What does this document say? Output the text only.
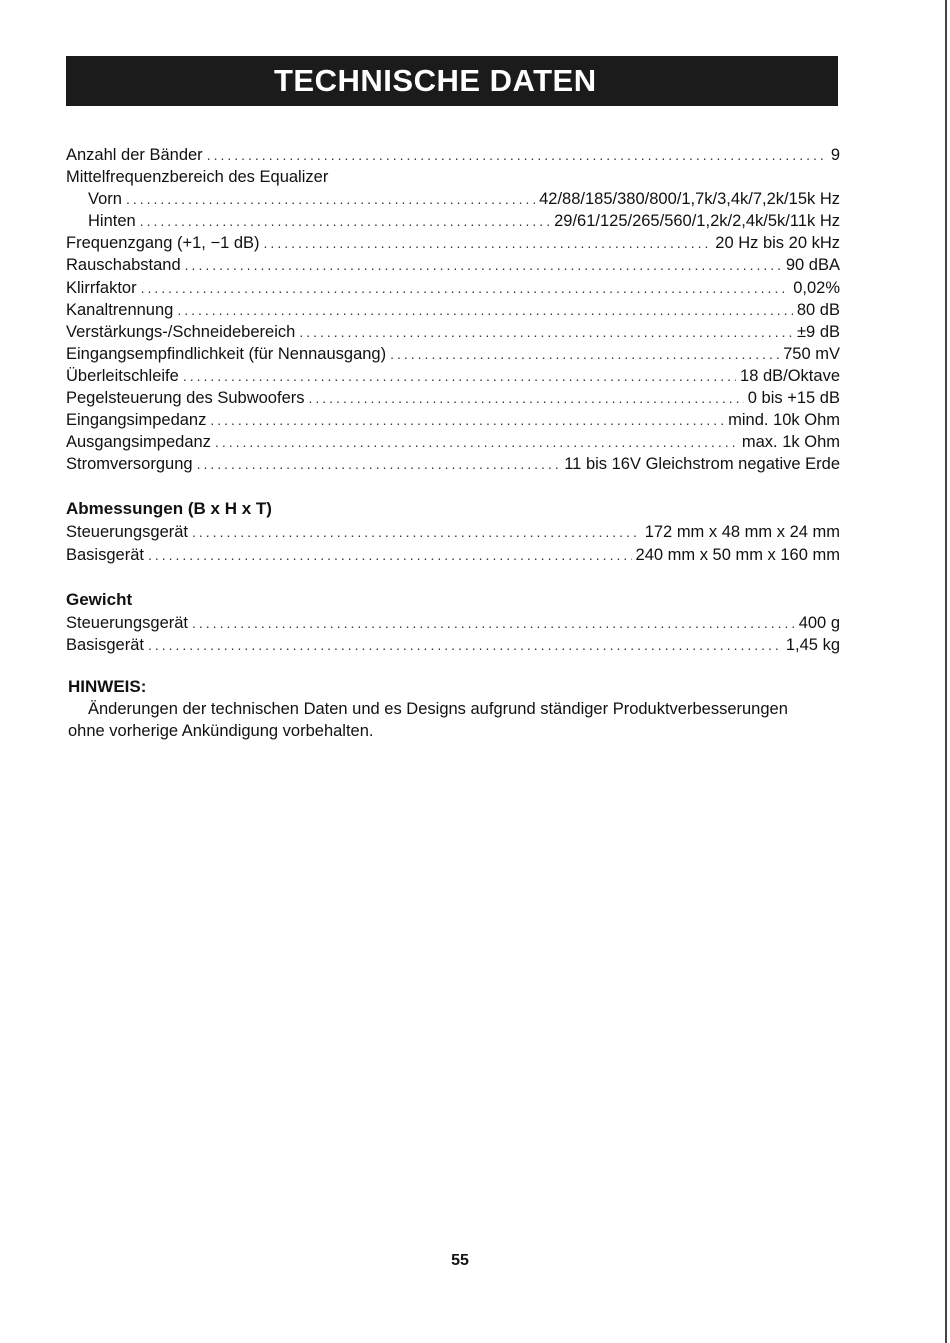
TECHNISCHE DATEN
Anzahl der Bänder .....	9
Mittelfrequenzbereich des Equalizer
Vorn .....	42/88/185/380/800/1,7k/3,4k/7,2k/15k Hz
Hinten .....	29/61/125/265/560/1,2k/2,4k/5k/11k Hz
Frequenzgang (+1, −1 dB) .....	20 Hz bis 20 kHz
Rauschabstand .....	90 dBA
Klirrfaktor .....	0,02%
Kanaltrennung .....	80 dB
Verstärkungs-/Schneidebereich .....	±9 dB
Eingangsempfindlichkeit (für Nennausgang) .....	750 mV
Überleitschleife .....	18 dB/Oktave
Pegelsteuerung des Subwoofers .....	0 bis +15 dB
Eingangsimpedanz .....	mind. 10k Ohm
Ausgangsimpedanz .....	max. 1k Ohm
Stromversorgung .....	11 bis 16V Gleichstrom negative Erde
Abmessungen (B x H x T)
Steuerungsgerät .....	172 mm x 48 mm x 24 mm
Basisgerät .....	240 mm x 50 mm x 160 mm
Gewicht
Steuerungsgerät .....	400 g
Basisgerät .....	1,45 kg
HINWEIS:
Änderungen der technischen Daten und es Designs aufgrund ständiger Produktverbesserungen ohne vorherige Ankündigung vorbehalten.
55
